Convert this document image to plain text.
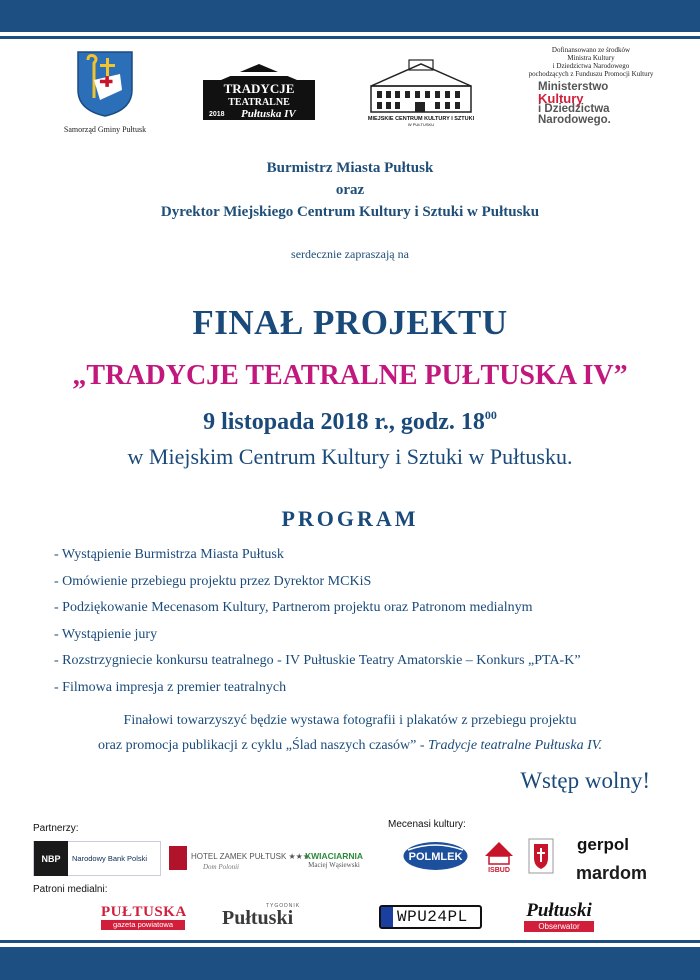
Samorząd Gminy Pułtusk
TRADYCJE
TEATRALNE
2018 Pułtuska IV	MIEJSKIE CENTRUM KULTURY I SZTUKI
W PUŁTUSKU
Dofinansowano ze środków
Ministra Kultury
i Dziedzictwa Narodowego
pochodzących z Funduszu Promocji Kultury
Ministerstwo
Kultury
i Dziedzictwa
Narodowego.
Burmistrz Miasta Pułtusk
oraz
Dyrektor Miejskiego Centrum Kultury i Sztuki w Pułtusku
serdecznie zapraszają na
FINAŁ PROJEKTU
„TRADYCJE TEATRALNE PUŁTUSKA IV”
9 listopada 2018 r., godz. $18^{00}$
w Miejskim Centrum Kultury i Sztuki w Pułtusku.
PROGRAM
- Wystąpienie Burmistrza Miasta Pułtusk
- Omówienie przebiegu projektu przez Dyrektor MCKiS
- Podziękowanie Mecenasom Kultury, Partnerom projektu oraz Patronom medialnym
- Wystąpienie jury
- Rozstrzygniecie konkursu teatralnego - IV Pułtuskie Teatry Amatorskie – Konkurs „PTA-K”
- Filmowa impresja z premier teatralnych
Finałowi towarzyszyć będzie wystawa fotografii i plakatów z przebiegu projektu
oraz promocja publikacji z cyklu „Ślad naszych czasów” - Tradycje teatralne Pułtuska IV.
Wstęp wolny!
Partnerzy:
NBP	Narodowy Bank Polski	HOTEL ZAMEK PUŁTUSK ★★★
Dom Polonii
KWIACIARNIA
Maciej Wąsiewski
Mecenasi kultury:
POLMLEK
ISBUD
gerpol
mardom
Patroni medialni:
PUŁTUSKA
gazeta powiatowa
TYGODNIK
Pułtuski	WPU24PL	Pułtuski
Obserwator
